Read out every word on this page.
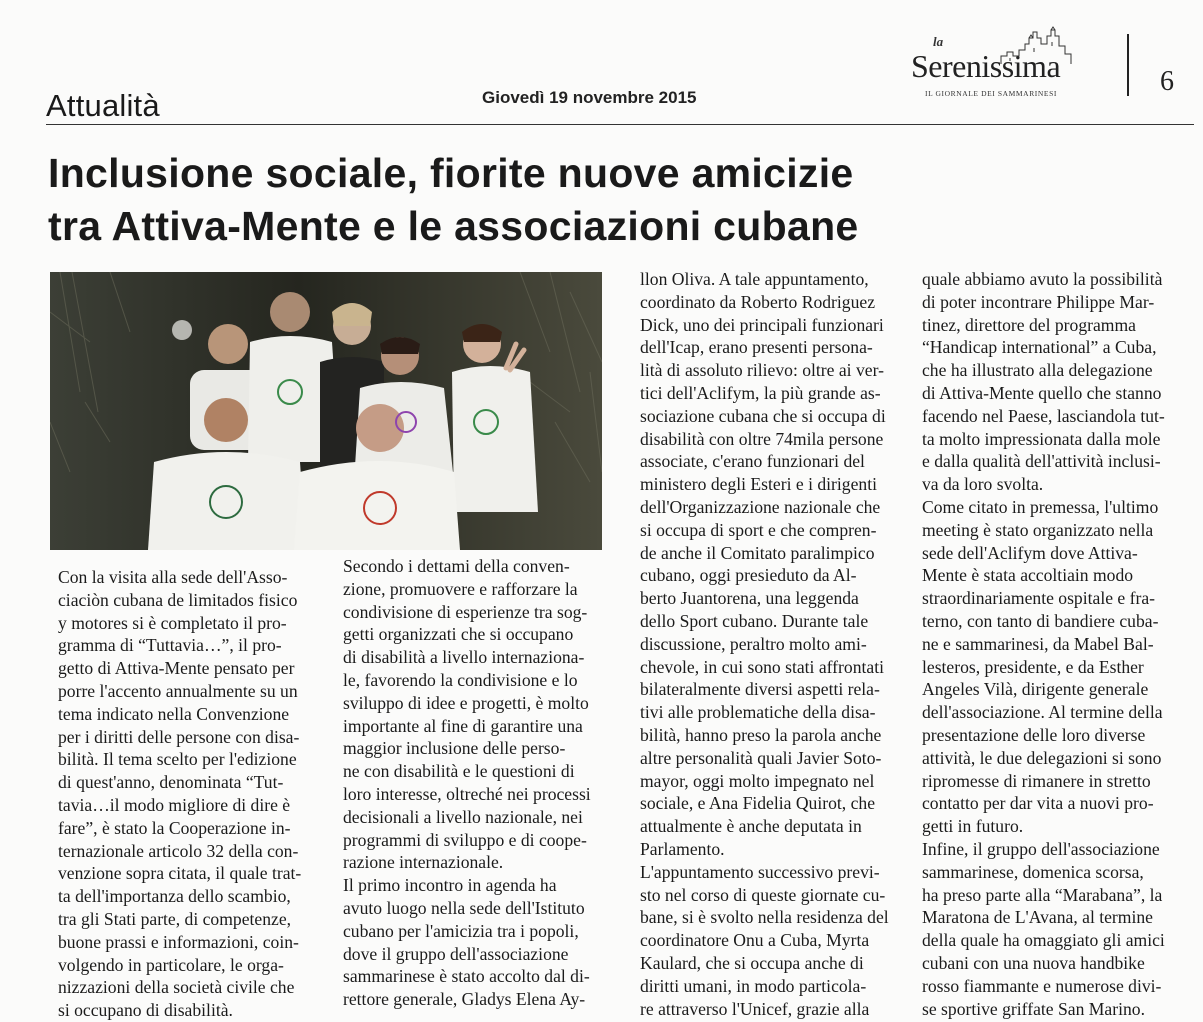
Attualità	Giovedì 19 novembre 2015
la
Serenissima
IL GIORNALE DEI SAMMARINESI	6
Inclusione sociale, fiorite nuove amicizie
tra Attiva-Mente e le associazioni cubane
Con la visita alla sede dell'Asso-
ciaciòn cubana de limitados fisico
y motores si è completato il pro-
gramma di “Tuttavia…”, il pro-
getto di Attiva-Mente pensato per
porre l'accento annualmente su un
tema indicato nella Convenzione
per i diritti delle persone con disa-
bilità. Il tema scelto per l'edizione
di quest'anno, denominata “Tut-
tavia…il modo migliore di dire è
fare”, è stato la Cooperazione in-
ternazionale articolo 32 della con-
venzione sopra citata, il quale trat-
ta dell'importanza dello scambio,
tra gli Stati parte, di competenze,
buone prassi e informazioni, coin-
volgendo in particolare, le orga-
nizzazioni della società civile che
si occupano di disabilità.
Secondo i dettami della conven-
zione, promuovere e rafforzare la
condivisione di esperienze tra sog-
getti organizzati che si occupano
di disabilità a livello internaziona-
le, favorendo la condivisione e lo
sviluppo di idee e progetti, è molto
importante al fine di garantire una
maggior inclusione delle perso-
ne con disabilità e le questioni di
loro interesse, oltreché nei processi
decisionali a livello nazionale, nei
programmi di sviluppo e di coope-
razione internazionale.
Il primo incontro in agenda ha
avuto luogo nella sede dell'Istituto
cubano per l'amicizia tra i popoli,
dove il gruppo dell'associazione
sammarinese è stato accolto dal di-
rettore generale, Gladys Elena Ay-
llon Oliva. A tale appuntamento,
coordinato da Roberto Rodriguez
Dick, uno dei principali funzionari
dell'Icap, erano presenti persona-
lità di assoluto rilievo: oltre ai ver-
tici dell'Aclifym, la più grande as-
sociazione cubana che si occupa di
disabilità con oltre 74mila persone
associate, c'erano funzionari del
ministero degli Esteri e i dirigenti
dell'Organizzazione nazionale che
si occupa di sport e che compren-
de anche il Comitato paralimpico
cubano, oggi presieduto da Al-
berto Juantorena, una leggenda
dello Sport cubano. Durante tale
discussione, peraltro molto ami-
chevole, in cui sono stati affrontati
bilateralmente diversi aspetti rela-
tivi alle problematiche della disa-
bilità, hanno preso la parola anche
altre personalità quali Javier Soto-
mayor, oggi molto impegnato nel
sociale, e Ana Fidelia Quirot, che
attualmente è anche deputata in
Parlamento.
L'appuntamento successivo previ-
sto nel corso di queste giornate cu-
bane, si è svolto nella residenza del
coordinatore Onu a Cuba, Myrta
Kaulard, che si occupa anche di
diritti umani, in modo particola-
re attraverso l'Unicef, grazie alla
quale abbiamo avuto la possibilità
di poter incontrare Philippe Mar-
tinez, direttore del programma
“Handicap international” a Cuba,
che ha illustrato alla delegazione
di Attiva-Mente quello che stanno
facendo nel Paese, lasciandola tut-
ta molto impressionata dalla mole
e dalla qualità dell'attività inclusi-
va da loro svolta.
Come citato in premessa, l'ultimo
meeting è stato organizzato nella
sede dell'Aclifym dove Attiva-
Mente è stata accoltiain modo
straordinariamente ospitale e fra-
terno, con tanto di bandiere cuba-
ne e sammarinesi, da Mabel Bal-
lesteros, presidente, e da Esther
Angeles Vilà, dirigente generale
dell'associazione. Al termine della
presentazione delle loro diverse
attività, le due delegazioni si sono
ripromesse di rimanere in stretto
contatto per dar vita a nuovi pro-
getti in futuro.
Infine, il gruppo dell'associazione
sammarinese, domenica scorsa,
ha preso parte alla “Marabana”, la
Maratona de L'Avana, al termine
della quale ha omaggiato gli amici
cubani con una nuova handbike
rosso fiammante e numerose divi-
se sportive griffate San Marino.
